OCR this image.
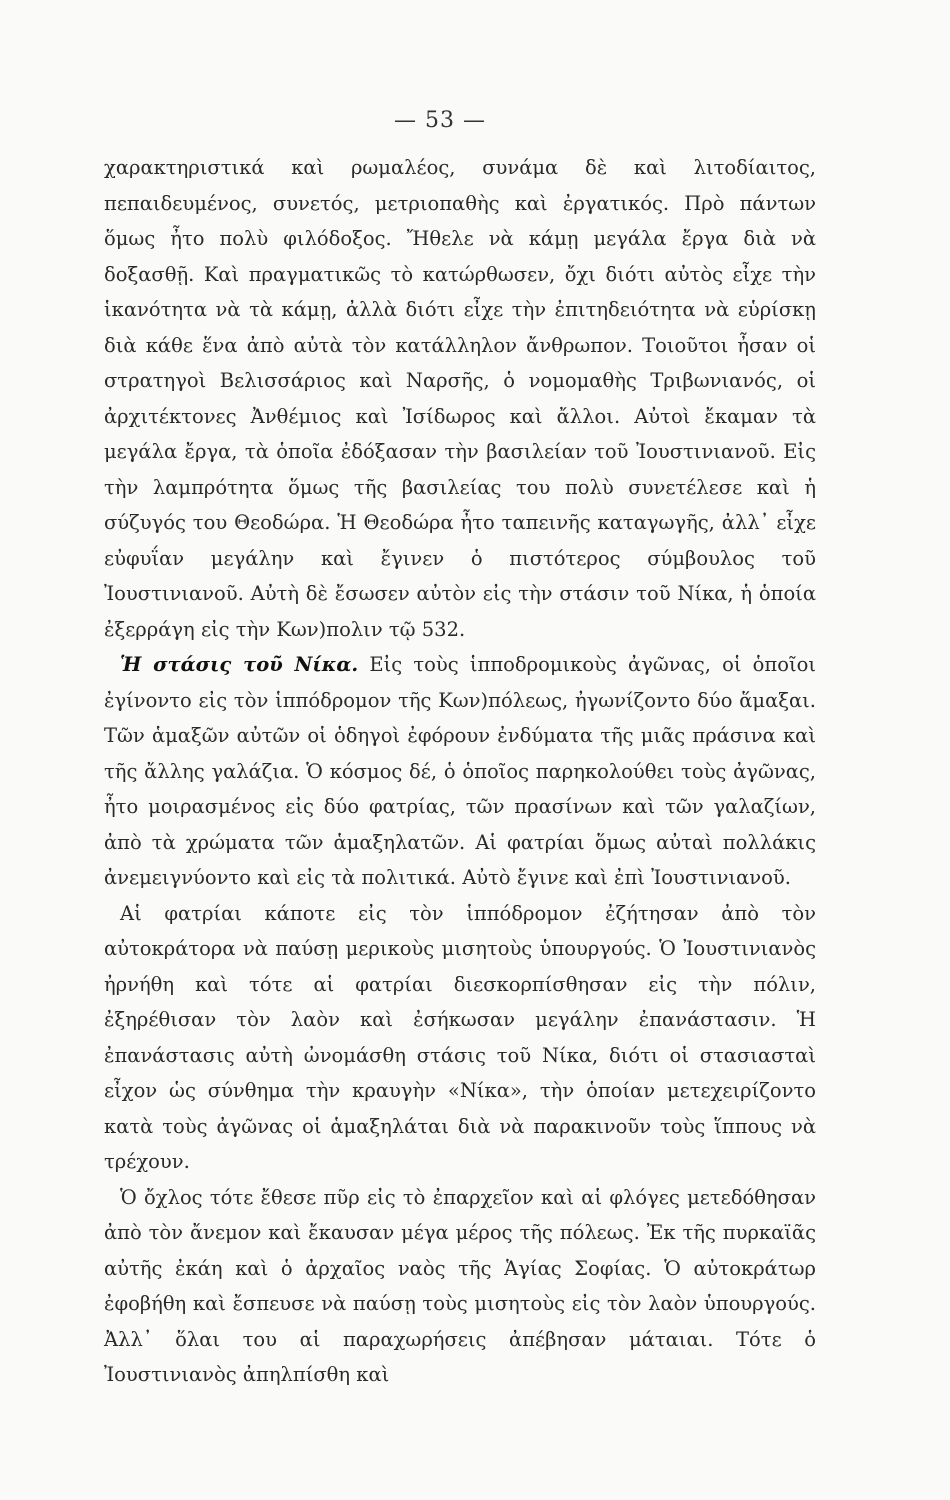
— 53 —

χαρακτηριστικά καὶ ρωμαλέος, συνάμα δὲ καὶ λιτοδίαιτος, πεπαιδευμένος, συνετός, μετριοπαθὴς καὶ ἐργατικός. Πρὸ πάντων ὅμως ἦτο πολὺ φιλόδοξος. Ἤθελε νὰ κάμῃ μεγάλα ἔργα διὰ νὰ δοξασθῇ. Καὶ πραγματικῶς τὸ κατώρθωσεν, ὄχι διότι αὐτὸς εἶχε τὴν ἱκανότητα νὰ τὰ κάμῃ, ἀλλὰ διότι εἶχε τὴν ἐπιτηδειότητα νὰ εὑρίσκῃ διὰ κάθε ἕνα ἀπὸ αὐτὰ τὸν κατάλληλον ἄνθρωπον. Τοιοῦτοι ἦσαν οἱ στρατηγοὶ Βελισσάριος καὶ Ναρσῆς, ὁ νομομαθὴς Τριβωνιανός, οἱ ἀρχιτέκτονες Ἀνθέμιος καὶ Ἰσίδωρος καὶ ἄλλοι. Αὐτοὶ ἔκαμαν τὰ μεγάλα ἔργα, τὰ ὁποῖα ἐδόξασαν τὴν βασιλείαν τοῦ Ἰουστινιανοῦ. Εἰς τὴν λαμπρότητα ὅμως τῆς βασιλείας του πολὺ συνετέλεσε καὶ ἡ σύζυγός του Θεοδώρα. Ἡ Θεοδώρα ἦτο ταπεινῆς καταγωγῆς, ἀλλ᾽ εἶχε εὐφυΐαν μεγάλην καὶ ἔγινεν ὁ πιστότερος σύμβουλος τοῦ Ἰουστινιανοῦ. Αὐτὴ δὲ ἔσωσεν αὐτὸν εἰς τὴν στάσιν τοῦ Νίκα, ἡ ὁποία ἐξερράγη εἰς τὴν Κων)πολιν τῷ 532.

Ἡ στάσις τοῦ Νίκα. Εἰς τοὺς ἱπποδρομικοὺς ἀγῶνας, οἱ ὁποῖοι ἐγίνοντο εἰς τὸν ἱππόδρομον τῆς Κων)πόλεως, ἠγωνίζοντο δύο ἅμαξαι. Τῶν ἁμαξῶν αὐτῶν οἱ ὁδηγοὶ ἐφόρουν ἐνδύματα τῆς μιᾶς πράσινα καὶ τῆς ἄλλης γαλάζια. Ὁ κόσμος δέ, ὁ ὁποῖος παρηκολούθει τοὺς ἀγῶνας, ἦτο μοιρασμένος εἰς δύο φατρίας, τῶν πρασίνων καὶ τῶν γαλαζίων, ἀπὸ τὰ χρώματα τῶν ἁμαξηλατῶν. Αἱ φατρίαι ὅμως αὐταὶ πολλάκις ἀνεμειγνύοντο καὶ εἰς τὰ πολιτικά. Αὐτὸ ἔγινε καὶ ἐπὶ Ἰουστινιανοῦ.

Αἱ φατρίαι κάποτε εἰς τὸν ἱππόδρομον ἐζήτησαν ἀπὸ τὸν αὐτοκράτορα νὰ παύσῃ μερικοὺς μισητοὺς ὑπουργούς. Ὁ Ἰουστινιανὸς ἠρνήθη καὶ τότε αἱ φατρίαι διεσκορπίσθησαν εἰς τὴν πόλιν, ἐξηρέθισαν τὸν λαὸν καὶ ἐσήκωσαν μεγάλην ἐπανάστασιν. Ἡ ἐπανάστασις αὐτὴ ὠνομάσθη στάσις τοῦ Νίκα, διότι οἱ στασιασταὶ εἶχον ὡς σύνθημα τὴν κραυγὴν «Νίκα», τὴν ὁποίαν μετεχειρίζοντο κατὰ τοὺς ἀγῶνας οἱ ἁμαξηλάται διὰ νὰ παρακινοῦν τοὺς ἵππους νὰ τρέχουν.

Ὁ ὄχλος τότε ἔθεσε πῦρ εἰς τὸ ἐπαρχεῖον καὶ αἱ φλόγες μετεδόθησαν ἀπὸ τὸν ἄνεμον καὶ ἔκαυσαν μέγα μέρος τῆς πόλεως. Ἐκ τῆς πυρκαϊᾶς αὐτῆς ἐκάη καὶ ὁ ἀρχαῖος ναὸς τῆς Ἁγίας Σοφίας. Ὁ αὐτοκράτωρ ἐφοβήθη καὶ ἔσπευσε νὰ παύσῃ τοὺς μισητοὺς εἰς τὸν λαὸν ὑπουργούς. Ἀλλ᾽ ὅλαι του αἱ παραχωρήσεις ἀπέβησαν μάταιαι. Τότε ὁ Ἰουστινιανὸς ἀπηλπίσθη καὶ
